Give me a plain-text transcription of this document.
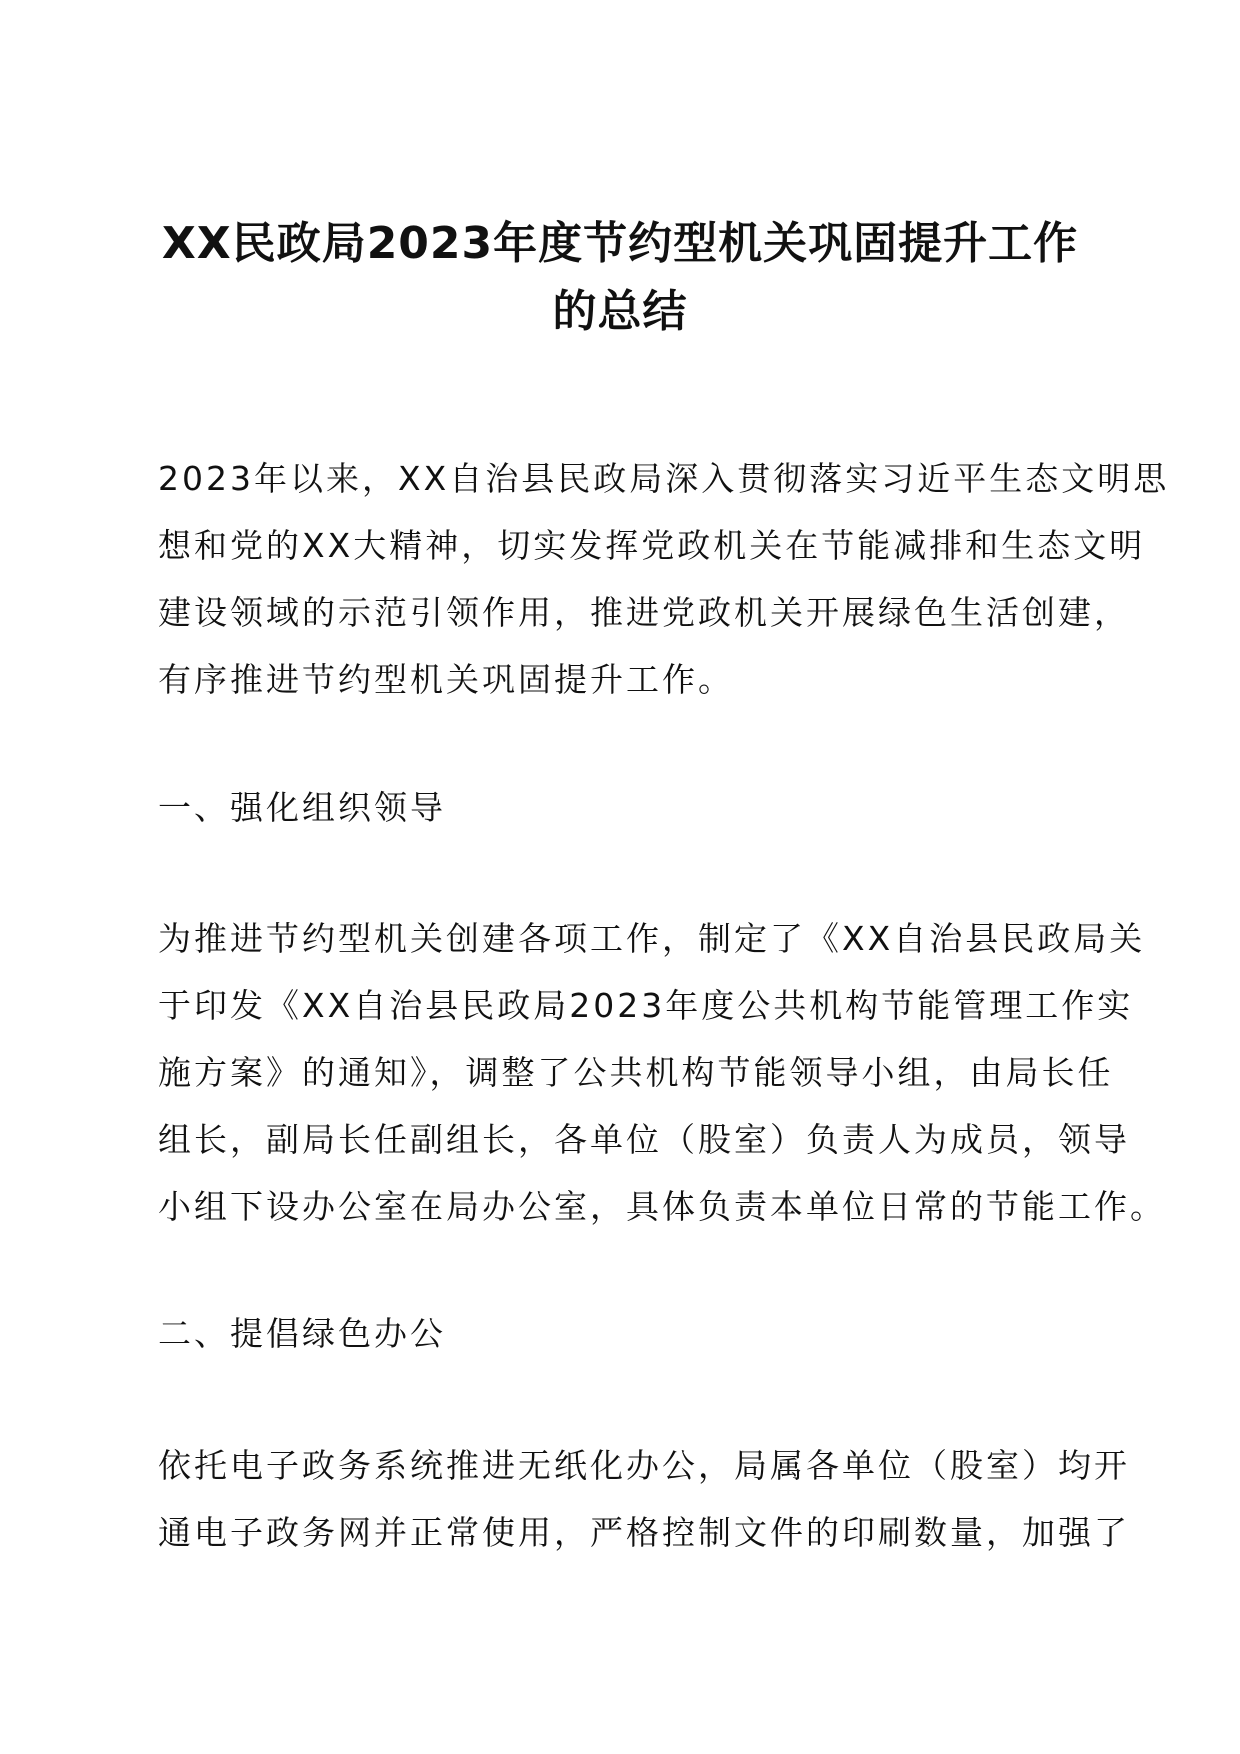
XX民政局2023年度节约型机关巩固提升工作
的总结
2023年以来，XX自治县民政局深入贯彻落实习近平生态文明思
想和党的XX大精神，切实发挥党政机关在节能减排和生态文明
建设领域的示范引领作用，推进党政机关开展绿色生活创建，
有序推进节约型机关巩固提升工作。
一、强化组织领导
为推进节约型机关创建各项工作，制定了《XX自治县民政局关
于印发《XX自治县民政局2023年度公共机构节能管理工作实
施方案》的通知》，调整了公共机构节能领导小组，由局长任
组长，副局长任副组长，各单位（股室）负责人为成员，领导
小组下设办公室在局办公室，具体负责本单位日常的节能工作。
二、提倡绿色办公
依托电子政务系统推进无纸化办公，局属各单位（股室）均开
通电子政务网并正常使用，严格控制文件的印刷数量，加强了
